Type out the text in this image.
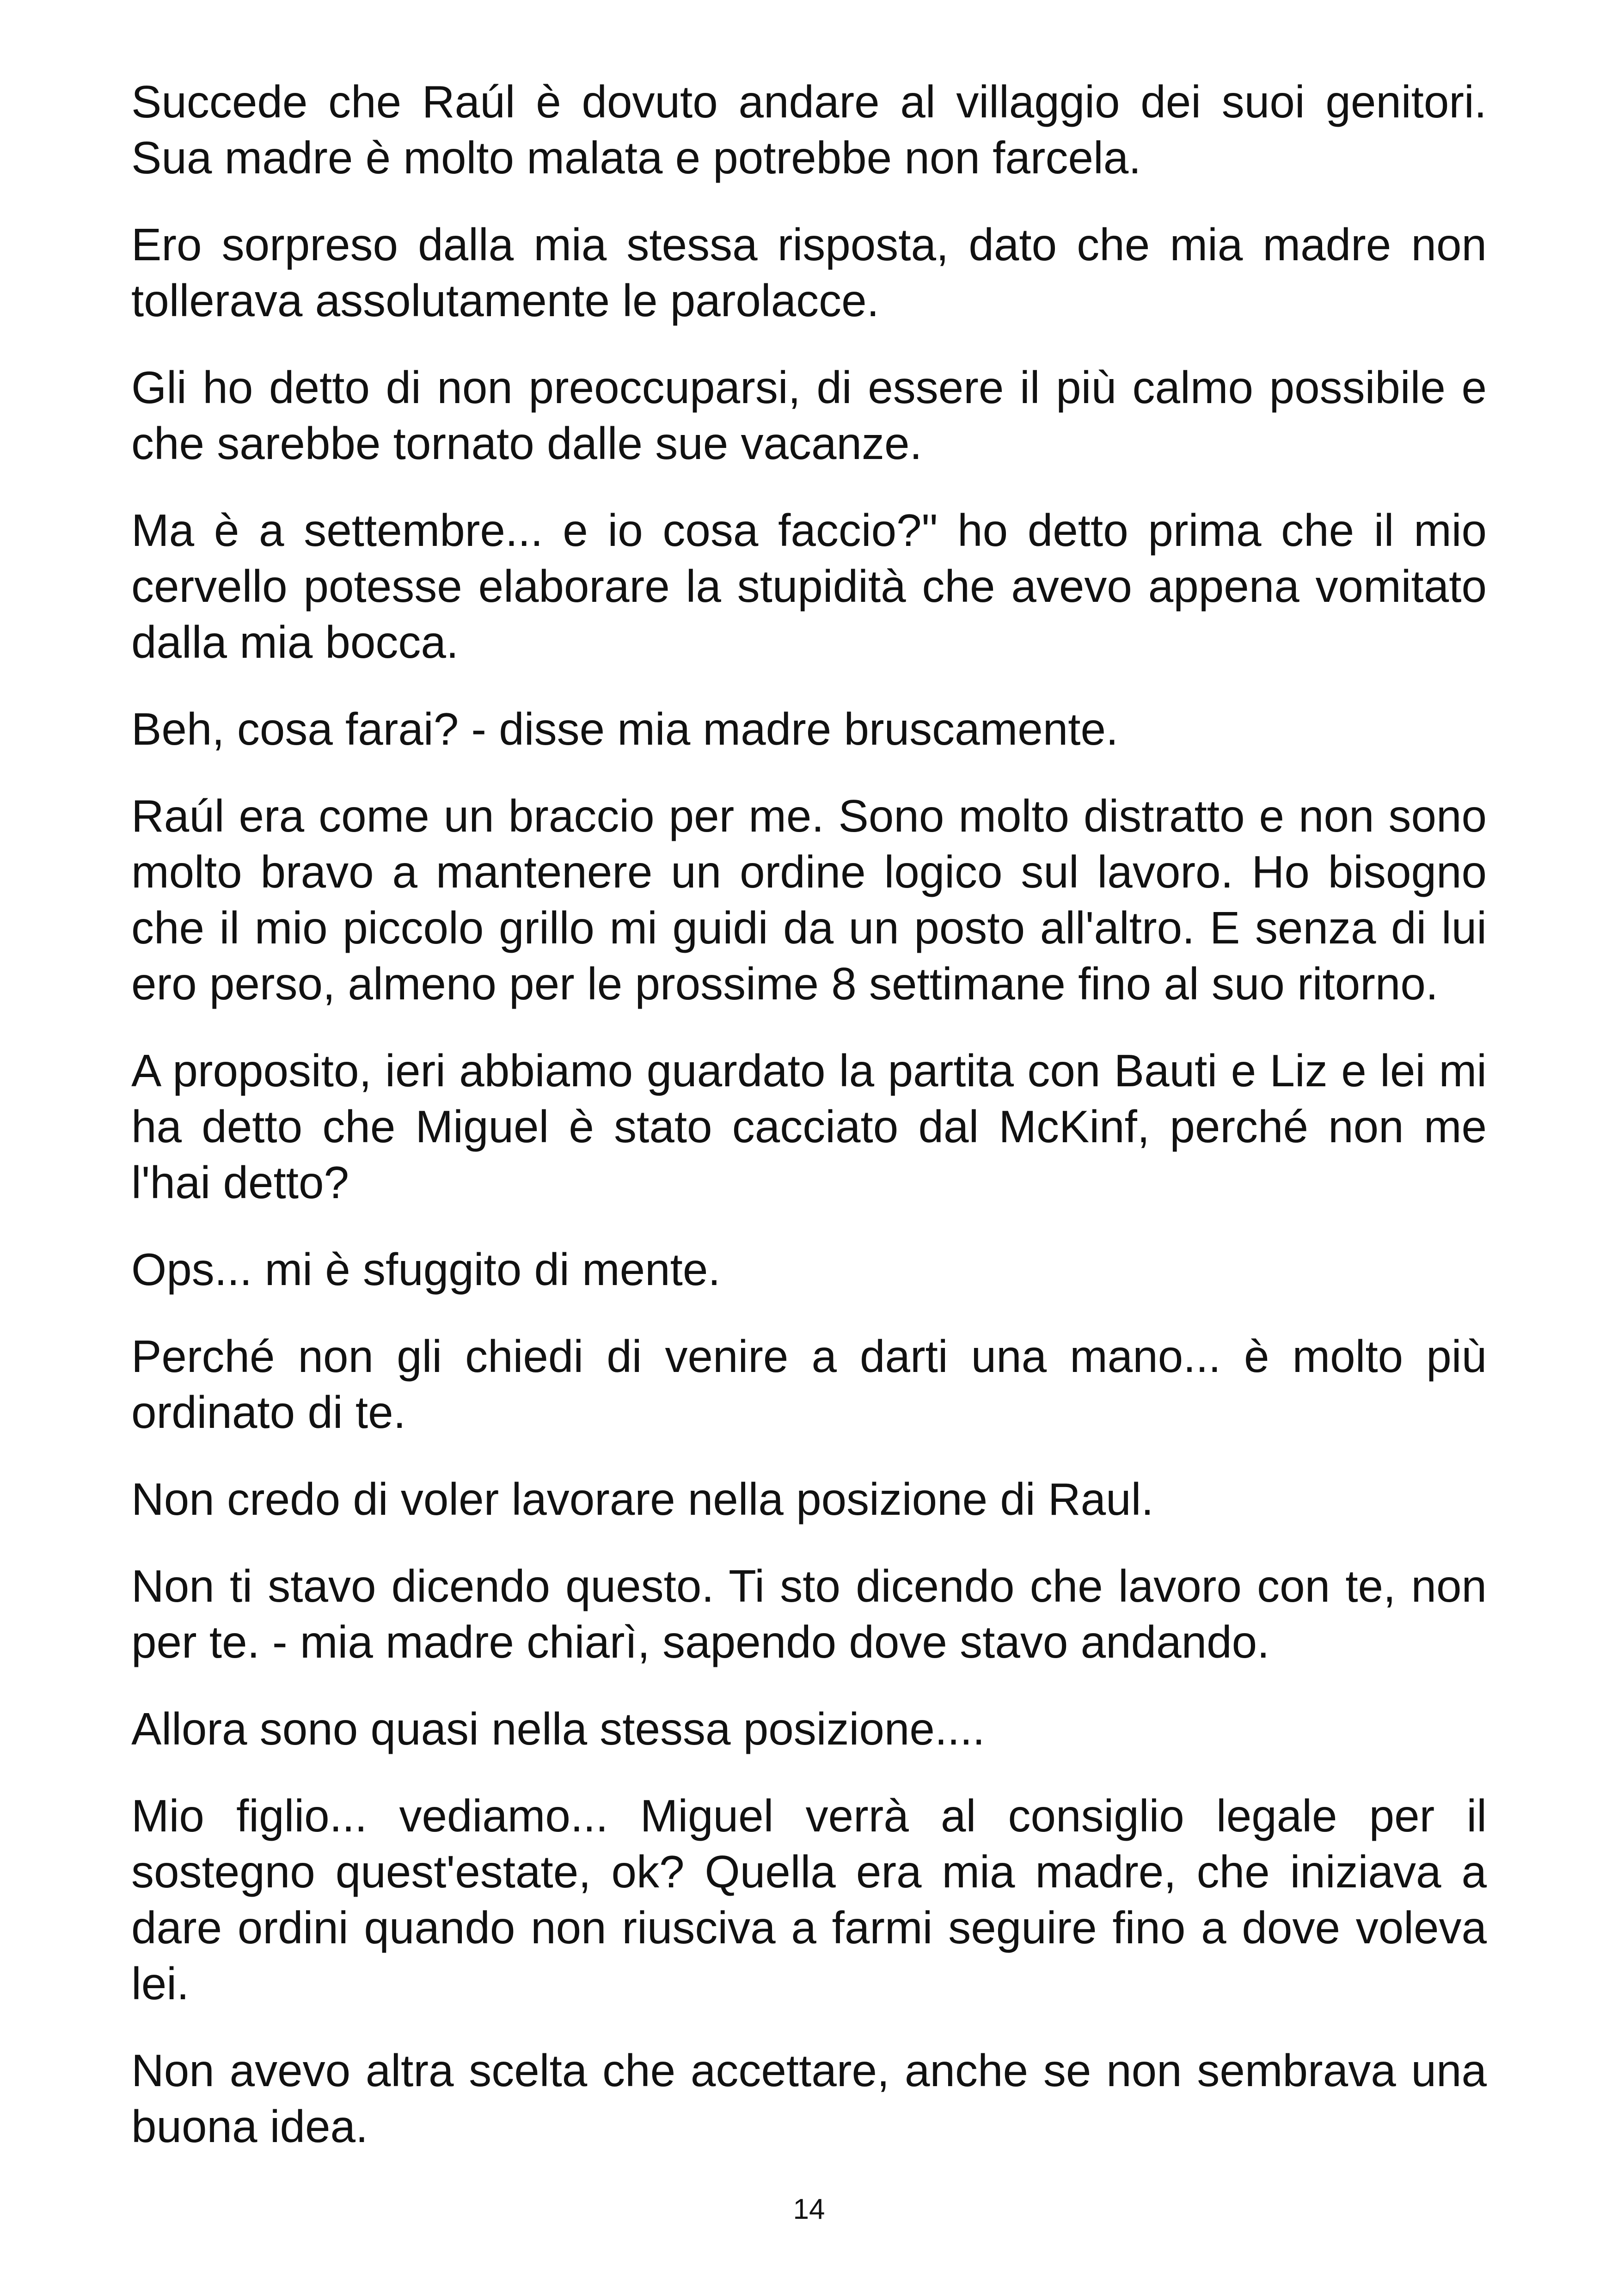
Succede che Raúl è dovuto andare al villaggio dei suoi genitori. Sua madre è molto malata e potrebbe non farcela.

Ero sorpreso dalla mia stessa risposta, dato che mia madre non tollerava assolutamente le parolacce.

Gli ho detto di non preoccuparsi, di essere il più calmo possibile e che sarebbe tornato dalle sue vacanze.

Ma è a settembre... e io cosa faccio?" ho detto prima che il mio cervello potesse elaborare la stupidità che avevo appena vomitato dalla mia bocca.

Beh, cosa farai? - disse mia madre bruscamente.

Raúl era come un braccio per me. Sono molto distratto e non sono molto bravo a mantenere un ordine logico sul lavoro. Ho bisogno che il mio piccolo grillo mi guidi da un posto all'altro. E senza di lui ero perso, almeno per le prossime 8 settimane fino al suo ritorno.

A proposito, ieri abbiamo guardato la partita con Bauti e Liz e lei mi ha detto che Miguel è stato cacciato dal McKinf, perché non me l'hai detto?

Ops... mi è sfuggito di mente.

Perché non gli chiedi di venire a darti una mano... è molto più ordinato di te.

Non credo di voler lavorare nella posizione di Raul.

Non ti stavo dicendo questo. Ti sto dicendo che lavoro con te, non per te. - mia madre chiarì, sapendo dove stavo andando.

Allora sono quasi nella stessa posizione....

Mio figlio... vediamo... Miguel verrà al consiglio legale per il sostegno quest'estate, ok? Quella era mia madre, che iniziava a dare ordini quando non riusciva a farmi seguire fino a dove voleva lei.

Non avevo altra scelta che accettare, anche se non sembrava una buona idea.

14
